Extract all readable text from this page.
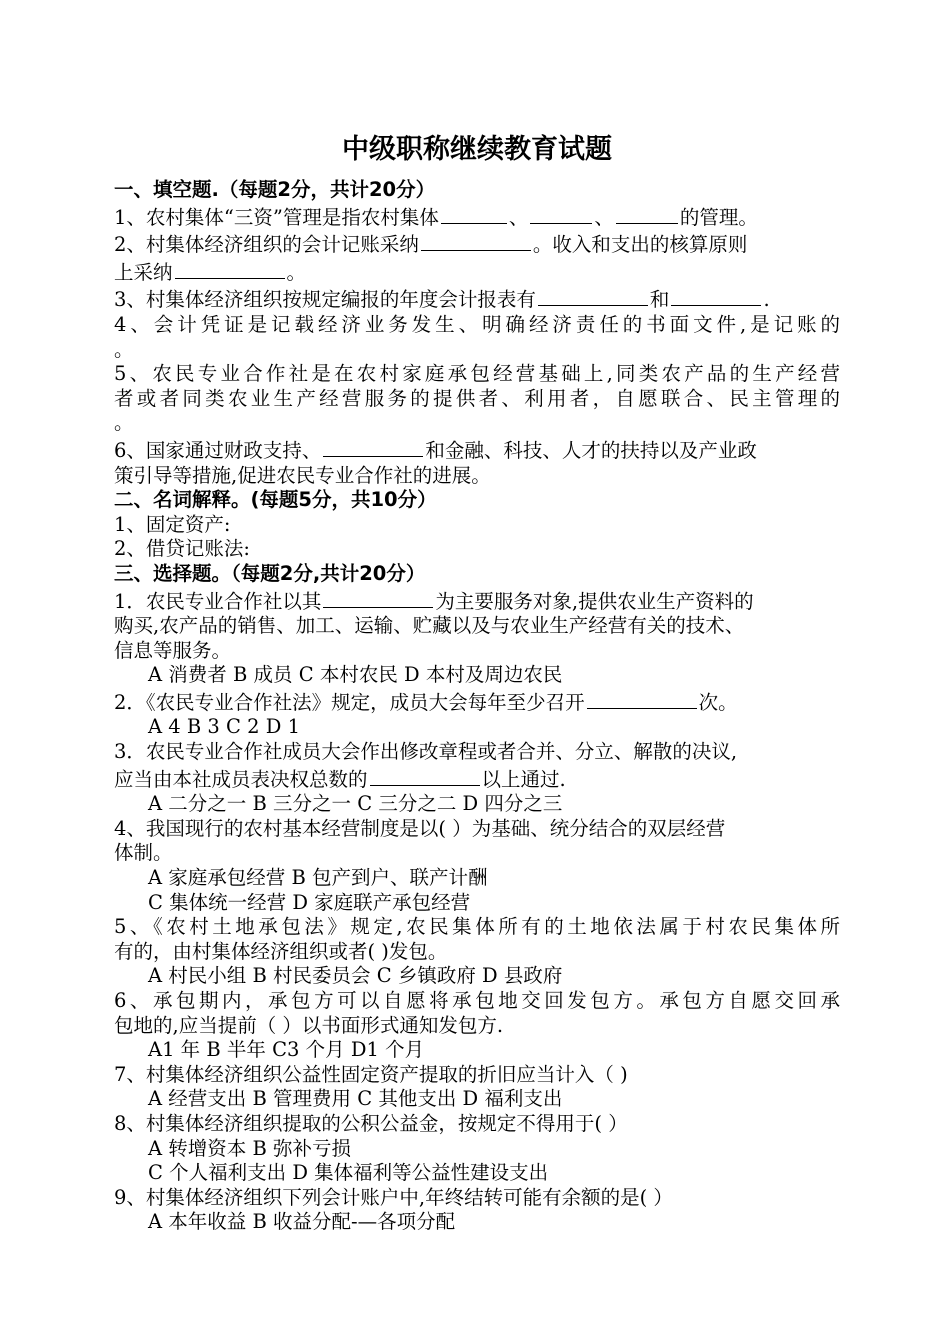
中级职称继续教育试题
一、填空题.（每题2分，共计20分）
1、农村集体“三资”管理是指农村集体	、	、	的管理。
2、村集体经济组织的会计记账采纳	。收入和支出的核算原则
上采纳	。
3、村集体经济组织按规定编报的年度会计报表有	和	.
4、会计凭证是记载经济业务发生、明确经济责任的书面文件,是记账的
。
5、农民专业合作社是在农村家庭承包经营基础上,同类农产品的生产经营
者或者同类农业生产经营服务的提供者、利用者，自愿联合、民主管理的
。
6、国家通过财政支持、	和金融、科技、人才的扶持以及产业政
策引导等措施,促进农民专业合作社的进展。
二、名词解释。(每题5分，共10分）
1、固定资产:
2、借贷记账法:
三、选择题。（每题2分,共计20分）
1．农民专业合作社以其	为主要服务对象,提供农业生产资料的
购买,农产品的销售、加工、运输、贮藏以及与农业生产经营有关的技术、
信息等服务。
A 消费者 B 成员 C 本村农民 D 本村及周边农民
2．《农民专业合作社法》规定，成员大会每年至少召开	次。
A 4 B 3 C 2 D 1
3．农民专业合作社成员大会作出修改章程或者合并、分立、解散的决议,
应当由本社成员表决权总数的	以上通过.
A 二分之一 B 三分之一 C 三分之二 D 四分之三
4、我国现行的农村基本经营制度是以( ）为基础、统分结合的双层经营
体制。
A 家庭承包经营 B 包产到户、联产计酬
C 集体统一经营 D 家庭联产承包经营
5、《农村土地承包法》规定,农民集体所有的土地依法属于村农民集体所
有的，由村集体经济组织或者( )发包。
A 村民小组 B 村民委员会 C 乡镇政府 D 县政府
6、承包期内，承包方可以自愿将承包地交回发包方。承包方自愿交回承
包地的,应当提前（ ）以书面形式通知发包方.
A1 年 B 半年 C3 个月 D1 个月
7、村集体经济组织公益性固定资产提取的折旧应当计入（ )
A 经营支出 B 管理费用 C 其他支出 D 福利支出
8、村集体经济组织提取的公积公益金，按规定不得用于( ）
A 转增资本 B 弥补亏损
C 个人福利支出 D 集体福利等公益性建设支出
9、村集体经济组织下列会计账户中,年终结转可能有余额的是( ）
A 本年收益 B 收益分配-—各项分配
